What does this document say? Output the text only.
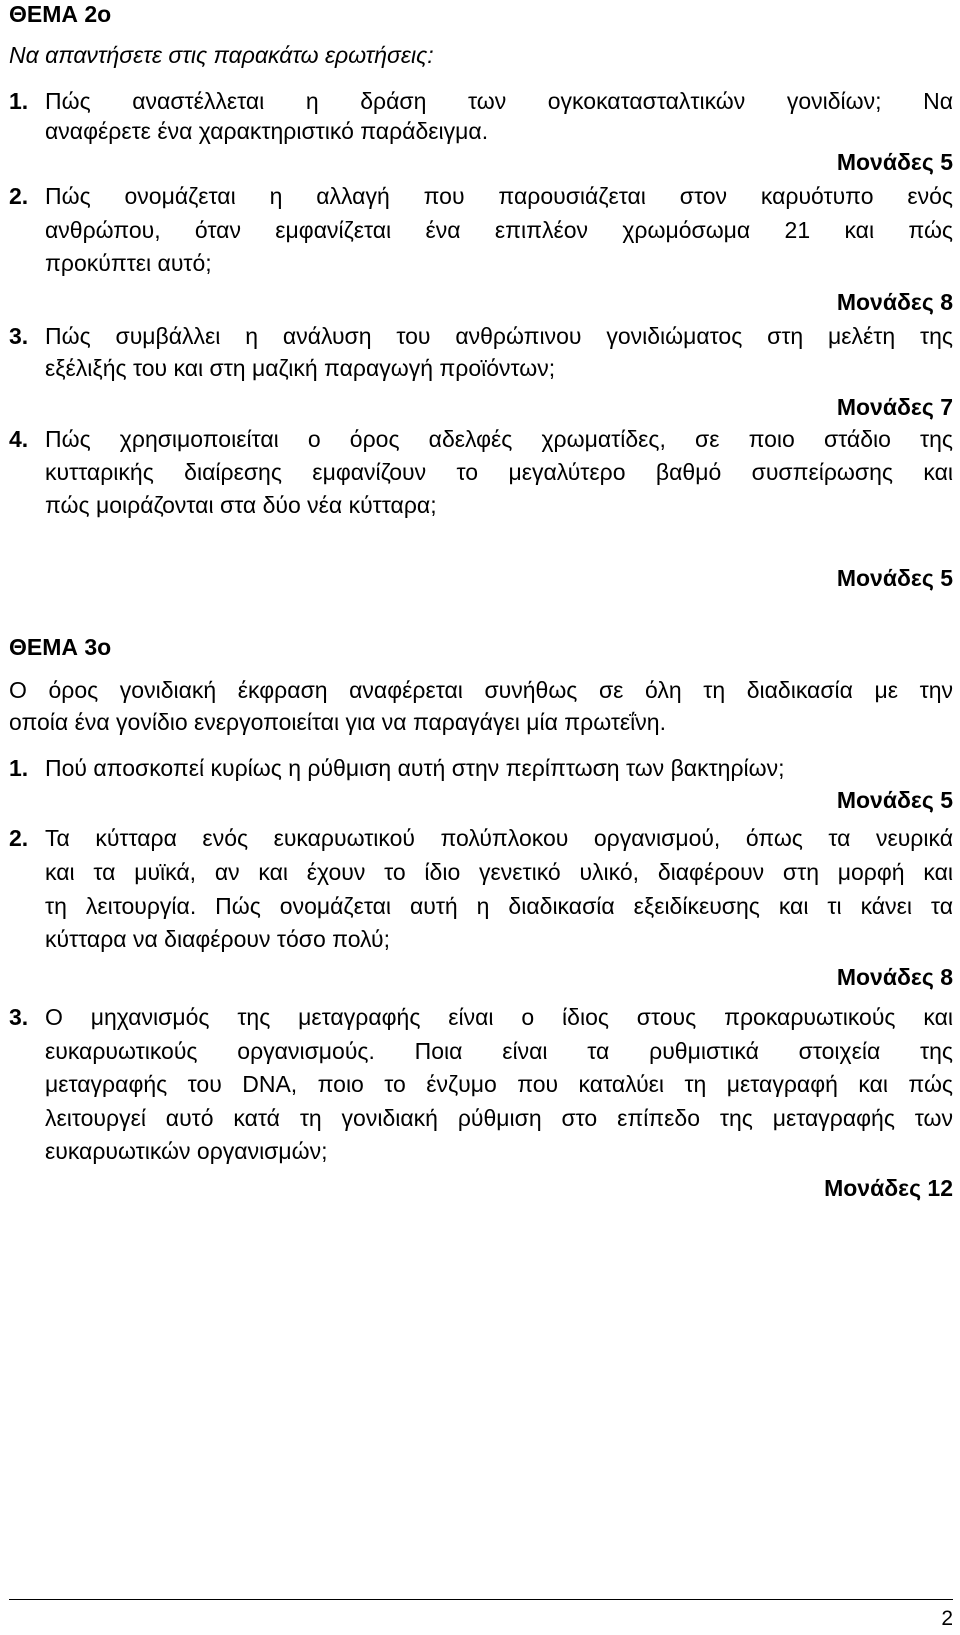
ΘΕΜΑ 2ο
Να απαντήσετε στις παρακάτω ερωτήσεις:
1. Πώς αναστέλλεται η δράση των ογκοκατασταλτικών γονιδίων; Να
αναφέρετε ένα χαρακτηριστικό παράδειγμα.
Μονάδες 5
2. Πώς ονομάζεται η αλλαγή που παρουσιάζεται στον καρυότυπο ενός
ανθρώπου, όταν εμφανίζεται ένα επιπλέον χρωμόσωμα 21 και πώς
προκύπτει αυτό;
Μονάδες 8
3. Πώς συμβάλλει η ανάλυση του ανθρώπινου γονιδιώματος στη μελέτη της
εξέλιξής του και στη μαζική παραγωγή προϊόντων;
Μονάδες 7
4. Πώς χρησιμοποιείται ο όρος αδελφές χρωματίδες, σε ποιο στάδιο της
κυτταρικής διαίρεσης εμφανίζουν το μεγαλύτερο βαθμό συσπείρωσης και
πώς μοιράζονται στα δύο νέα κύτταρα;
Μονάδες 5
ΘΕΜΑ 3ο
Ο όρος γονιδιακή έκφραση αναφέρεται συνήθως σε όλη τη διαδικασία με την
οποία ένα γονίδιο ενεργοποιείται για να παραγάγει μία πρωτεΐνη.
1. Πού αποσκοπεί κυρίως η ρύθμιση αυτή στην περίπτωση των βακτηρίων;
Μονάδες 5
2. Τα κύτταρα ενός ευκαρυωτικού πολύπλοκου οργανισμού, όπως τα νευρικά
και τα μυϊκά, αν και έχουν το ίδιο γενετικό υλικό, διαφέρουν στη μορφή και
τη λειτουργία. Πώς ονομάζεται αυτή η διαδικασία εξειδίκευσης και τι κάνει τα
κύτταρα να διαφέρουν τόσο πολύ;
Μονάδες 8
3. Ο μηχανισμός της μεταγραφής είναι ο ίδιος στους προκαρυωτικούς και
ευκαρυωτικούς οργανισμούς. Ποια είναι τα ρυθμιστικά στοιχεία της
μεταγραφής του DNA, ποιο το ένζυμο που καταλύει τη μεταγραφή και πώς
λειτουργεί αυτό κατά τη γονιδιακή ρύθμιση στο επίπεδο της μεταγραφής των
ευκαρυωτικών οργανισμών;
Μονάδες 12
2
